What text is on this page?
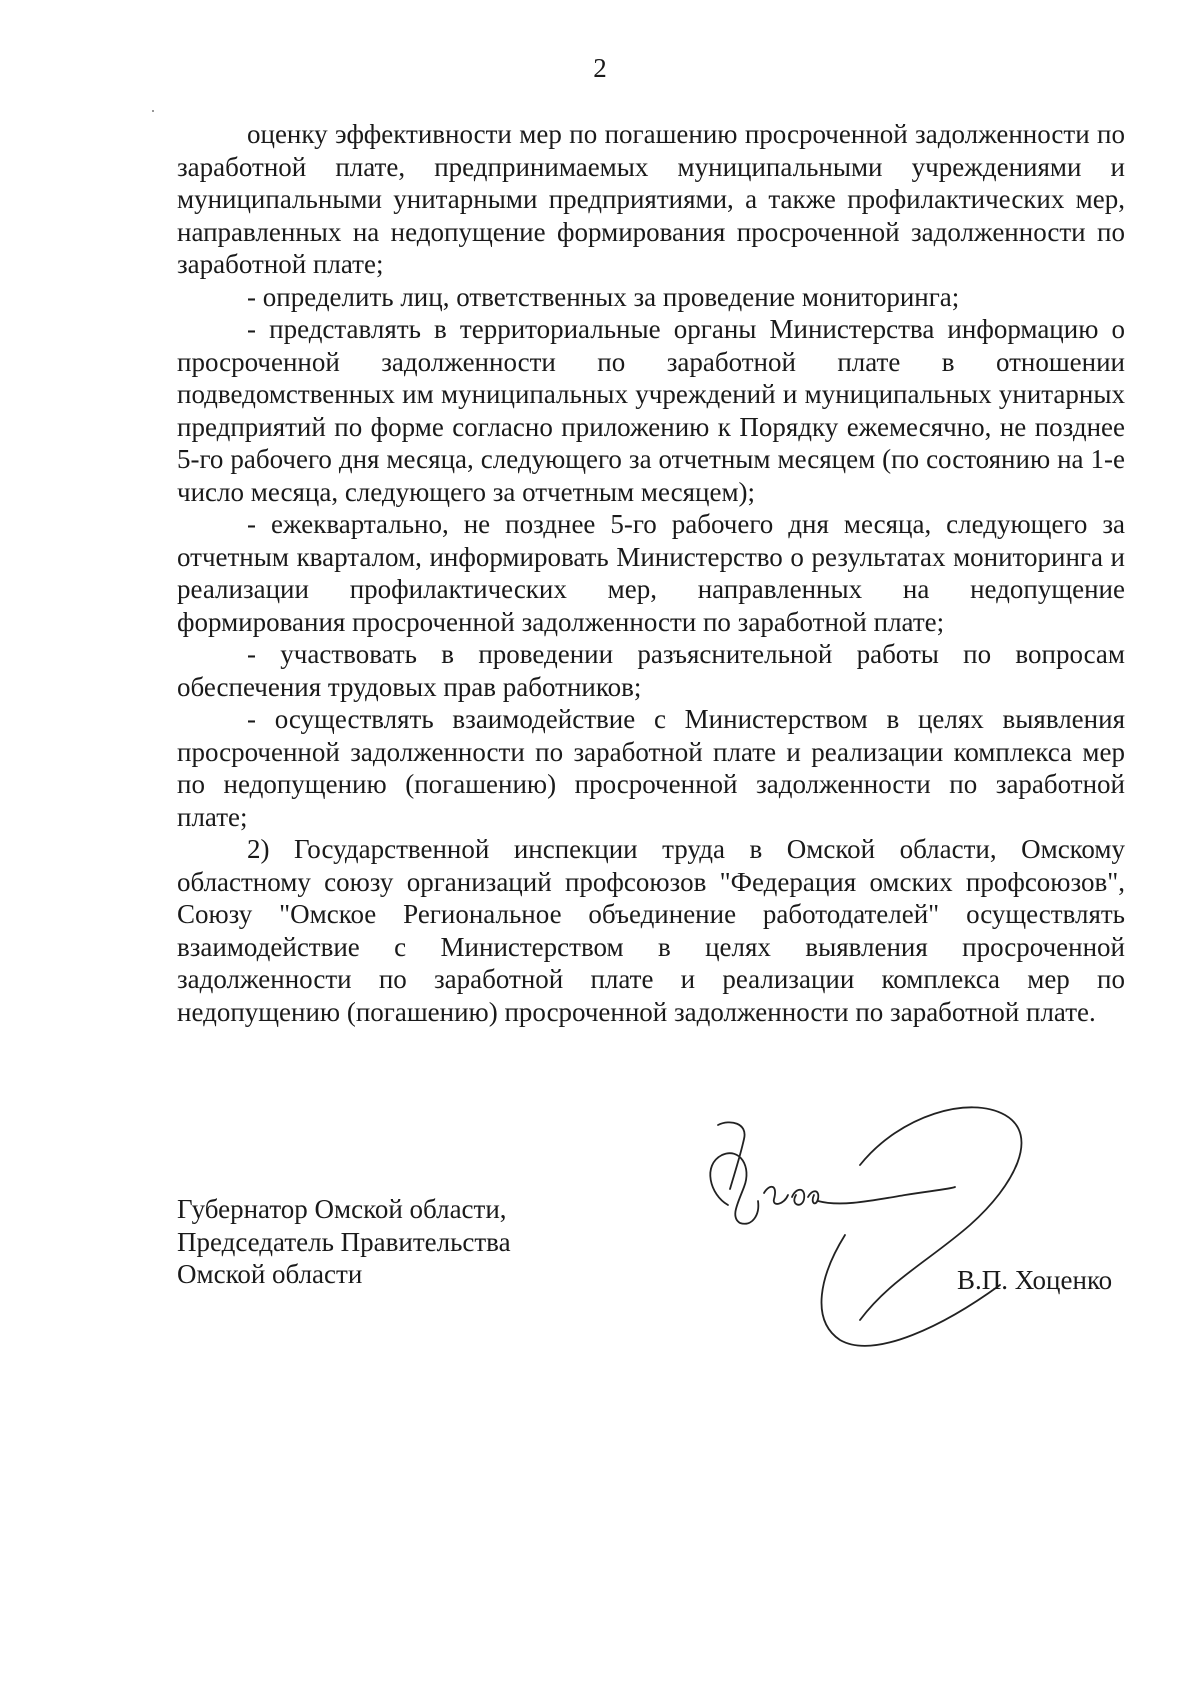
2

оценку эффективности мер по погашению просроченной задолженности по заработной плате, предпринимаемых муниципальными учреждениями и муниципальными унитарными предприятиями, а также профилактических мер, направленных на недопущение формирования просроченной задолженности по заработной плате;

- определить лиц, ответственных за проведение мониторинга;

- представлять в территориальные органы Министерства информацию о просроченной задолженности по заработной плате в отношении подведомственных им муниципальных учреждений и муниципальных унитарных предприятий по форме согласно приложению к Порядку ежемесячно, не позднее 5-го рабочего дня месяца, следующего за отчетным месяцем (по состоянию на 1-е число месяца, следующего за отчетным месяцем);

- ежеквартально, не позднее 5-го рабочего дня месяца, следующего за отчетным кварталом, информировать Министерство о результатах мониторинга и реализации профилактических мер, направленных на недопущение формирования просроченной задолженности по заработной плате;

- участвовать в проведении разъяснительной работы по вопросам обеспечения трудовых прав работников;

- осуществлять взаимодействие с Министерством в целях выявления просроченной задолженности по заработной плате и реализации комплекса мер по недопущению (погашению) просроченной задолженности по заработной плате;

2) Государственной инспекции труда в Омской области, Омскому областному союзу организаций профсоюзов "Федерация омских профсоюзов", Союзу "Омское Региональное объединение работодателей" осуществлять взаимодействие с Министерством в целях выявления просроченной задолженности по заработной плате и реализации комплекса мер по недопущению (погашению) просроченной задолженности по заработной плате.

Губернатор Омской области,
Председатель Правительства
Омской области	В.П. Хоценко
